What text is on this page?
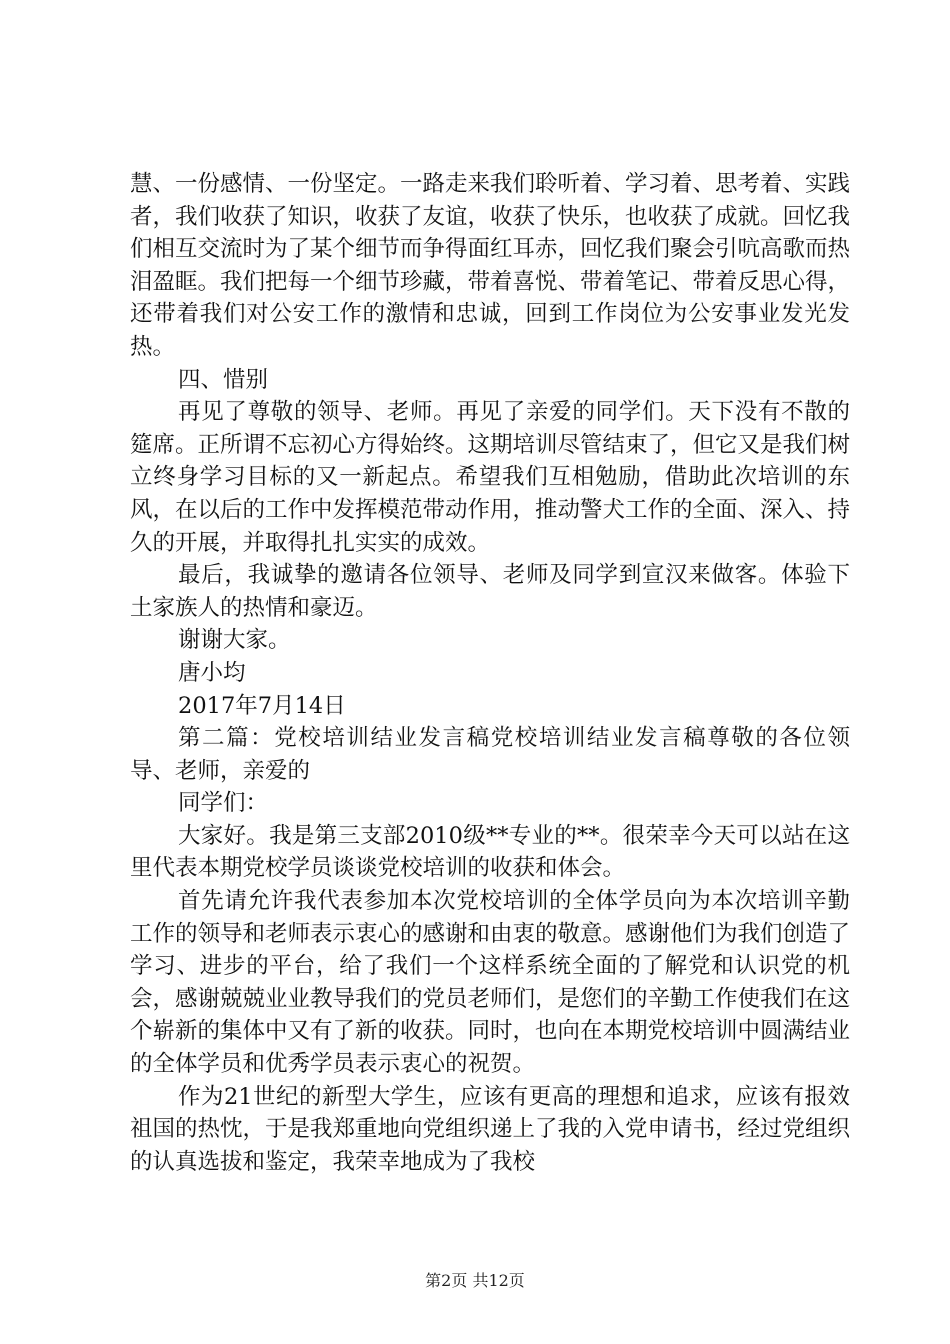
慧、一份感情、一份坚定。一路走来我们聆听着、学习着、思考着、实践者，我们收获了知识，收获了友谊，收获了快乐，也收获了成就。回忆我们相互交流时为了某个细节而争得面红耳赤，回忆我们聚会引吭高歌而热泪盈眶。我们把每一个细节珍藏，带着喜悦、带着笔记、带着反思心得，还带着我们对公安工作的激情和忠诚，回到工作岗位为公安事业发光发热。

四、惜别

再见了尊敬的领导、老师。再见了亲爱的同学们。天下没有不散的筵席。正所谓不忘初心方得始终。这期培训尽管结束了，但它又是我们树立终身学习目标的又一新起点。希望我们互相勉励，借助此次培训的东风，在以后的工作中发挥模范带动作用，推动警犬工作的全面、深入、持久的开展，并取得扎扎实实的成效。

最后，我诚挚的邀请各位领导、老师及同学到宣汉来做客。体验下土家族人的热情和豪迈。

谢谢大家。

唐小均

2017年7月14日

第二篇：党校培训结业发言稿党校培训结业发言稿尊敬的各位领导、老师，亲爱的

同学们：

大家好。我是第三支部2010级**专业的**。很荣幸今天可以站在这里代表本期党校学员谈谈党校培训的收获和体会。

首先请允许我代表参加本次党校培训的全体学员向为本次培训辛勤工作的领导和老师表示衷心的感谢和由衷的敬意。感谢他们为我们创造了学习、进步的平台，给了我们一个这样系统全面的了解党和认识党的机会，感谢兢兢业业教导我们的党员老师们，是您们的辛勤工作使我们在这个崭新的集体中又有了新的收获。同时，也向在本期党校培训中圆满结业的全体学员和优秀学员表示衷心的祝贺。

作为21世纪的新型大学生，应该有更高的理想和追求，应该有报效祖国的热忱，于是我郑重地向党组织递上了我的入党申请书，经过党组织的认真选拔和鉴定，我荣幸地成为了我校

第2页 共12页
